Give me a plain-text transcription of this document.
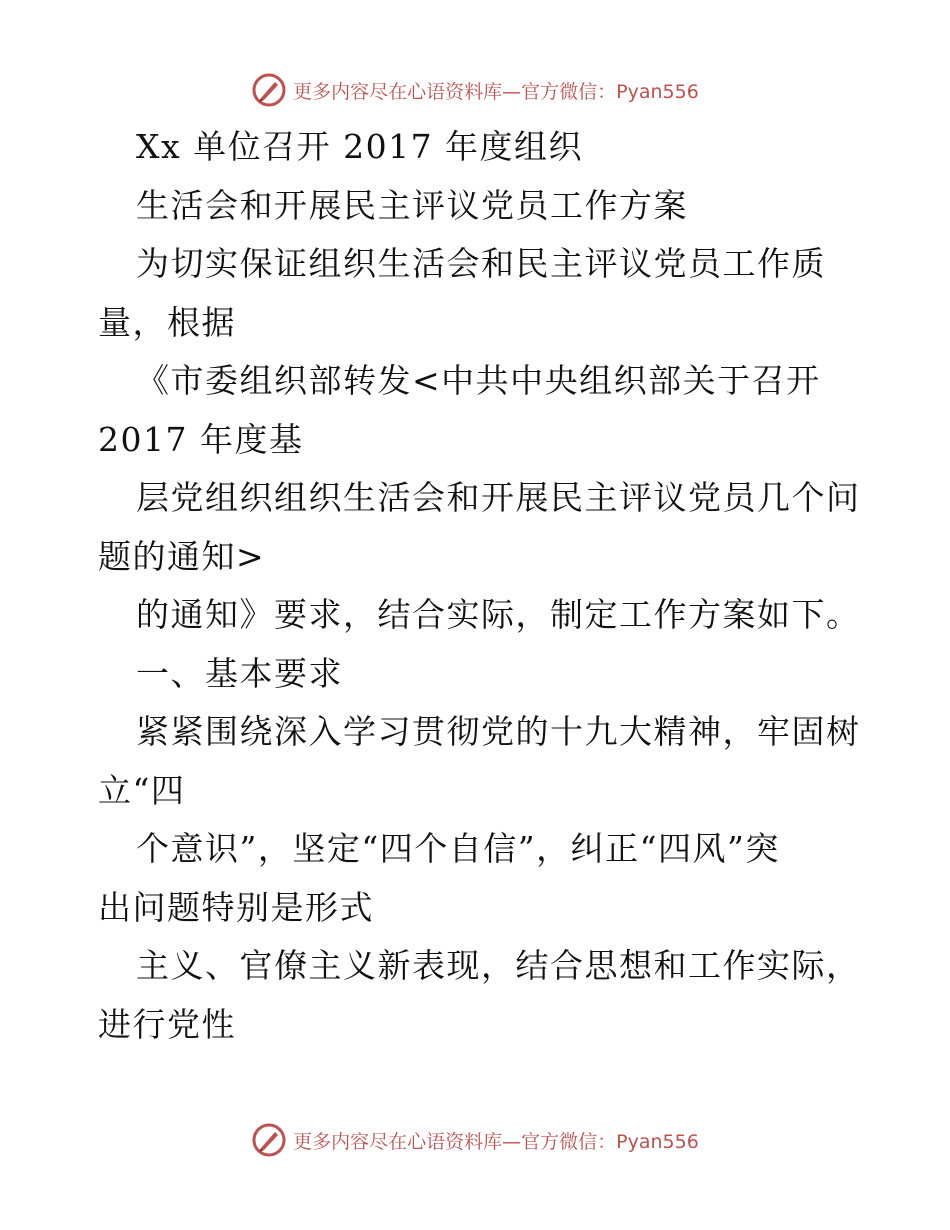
更多内容尽在心语资料库—官方微信：Pyan556
Xx 单位召开 2017 年度组织
生活会和开展民主评议党员工作方案
为切实保证组织生活会和民主评议党员工作质
量，根据
《市委组织部转发<中共中央组织部关于召开
2017 年度基
层党组织组织生活会和开展民主评议党员几个问
题的通知>
的通知》要求，结合实际，制定工作方案如下。
一、基本要求
紧紧围绕深入学习贯彻党的十九大精神，牢固树
立“四
个意识”，坚定“四个自信”，纠正“四风”突
出问题特别是形式
主义、官僚主义新表现，结合思想和工作实际，
进行党性
更多内容尽在心语资料库—官方微信：Pyan556
